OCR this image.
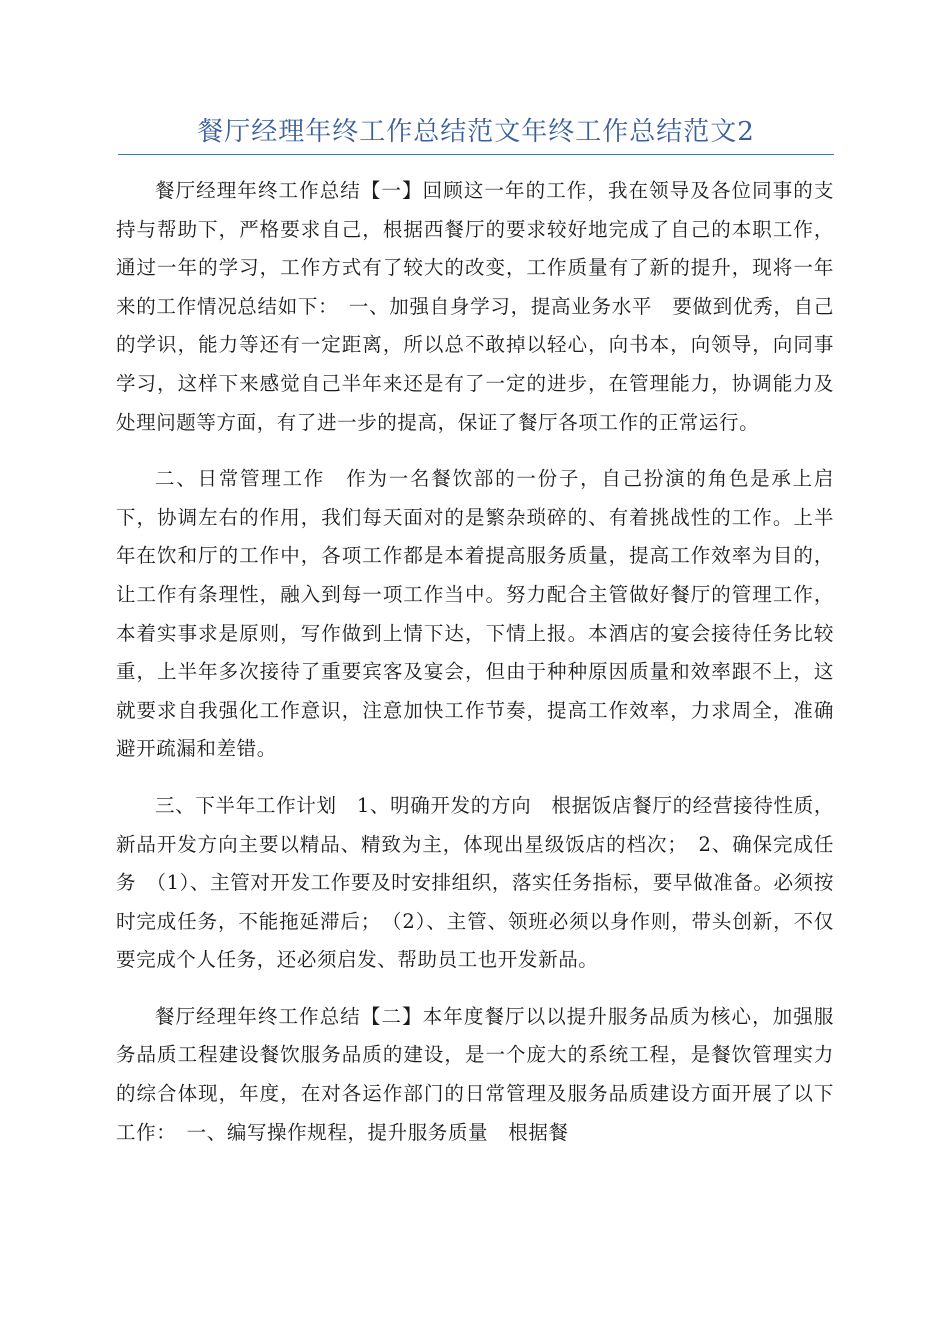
餐厅经理年终工作总结范文年终工作总结范文2

餐厅经理年终工作总结【一】回顾这一年的工作，我在领导及各位同事的支持与帮助下，严格要求自己，根据西餐厅的要求较好地完成了自己的本职工作，通过一年的学习，工作方式有了较大的改变，工作质量有了新的提升，现将一年来的工作情况总结如下：　一、加强自身学习，提高业务水平　要做到优秀，自己的学识，能力等还有一定距离，所以总不敢掉以轻心，向书本，向领导，向同事学习，这样下来感觉自己半年来还是有了一定的进步，在管理能力，协调能力及处理问题等方面，有了进一步的提高，保证了餐厅各项工作的正常运行。

二、日常管理工作　作为一名餐饮部的一份子，自己扮演的角色是承上启下，协调左右的作用，我们每天面对的是繁杂琐碎的、有着挑战性的工作。上半年在饮和厅的工作中，各项工作都是本着提高服务质量，提高工作效率为目的，让工作有条理性，融入到每一项工作当中。努力配合主管做好餐厅的管理工作，本着实事求是原则，写作做到上情下达，下情上报。本酒店的宴会接待任务比较重，上半年多次接待了重要宾客及宴会，但由于种种原因质量和效率跟不上，这就要求自我强化工作意识，注意加快工作节奏，提高工作效率，力求周全，准确避开疏漏和差错。

三、下半年工作计划　1、明确开发的方向　根据饭店餐厅的经营接待性质，新品开发方向主要以精品、精致为主，体现出星级饭店的档次；　2、确保完成任务　（1）、主管对开发工作要及时安排组织，落实任务指标，要早做准备。必须按时完成任务，不能拖延滞后；　（2）、主管、领班必须以身作则，带头创新，不仅要完成个人任务，还必须启发、帮助员工也开发新品。

餐厅经理年终工作总结【二】本年度餐厅以以提升服务品质为核心，加强服务品质工程建设餐饮服务品质的建设，是一个庞大的系统工程，是餐饮管理实力的综合体现，年度，在对各运作部门的日常管理及服务品质建设方面开展了以下工作：　一、编写操作规程，提升服务质量　根据餐
